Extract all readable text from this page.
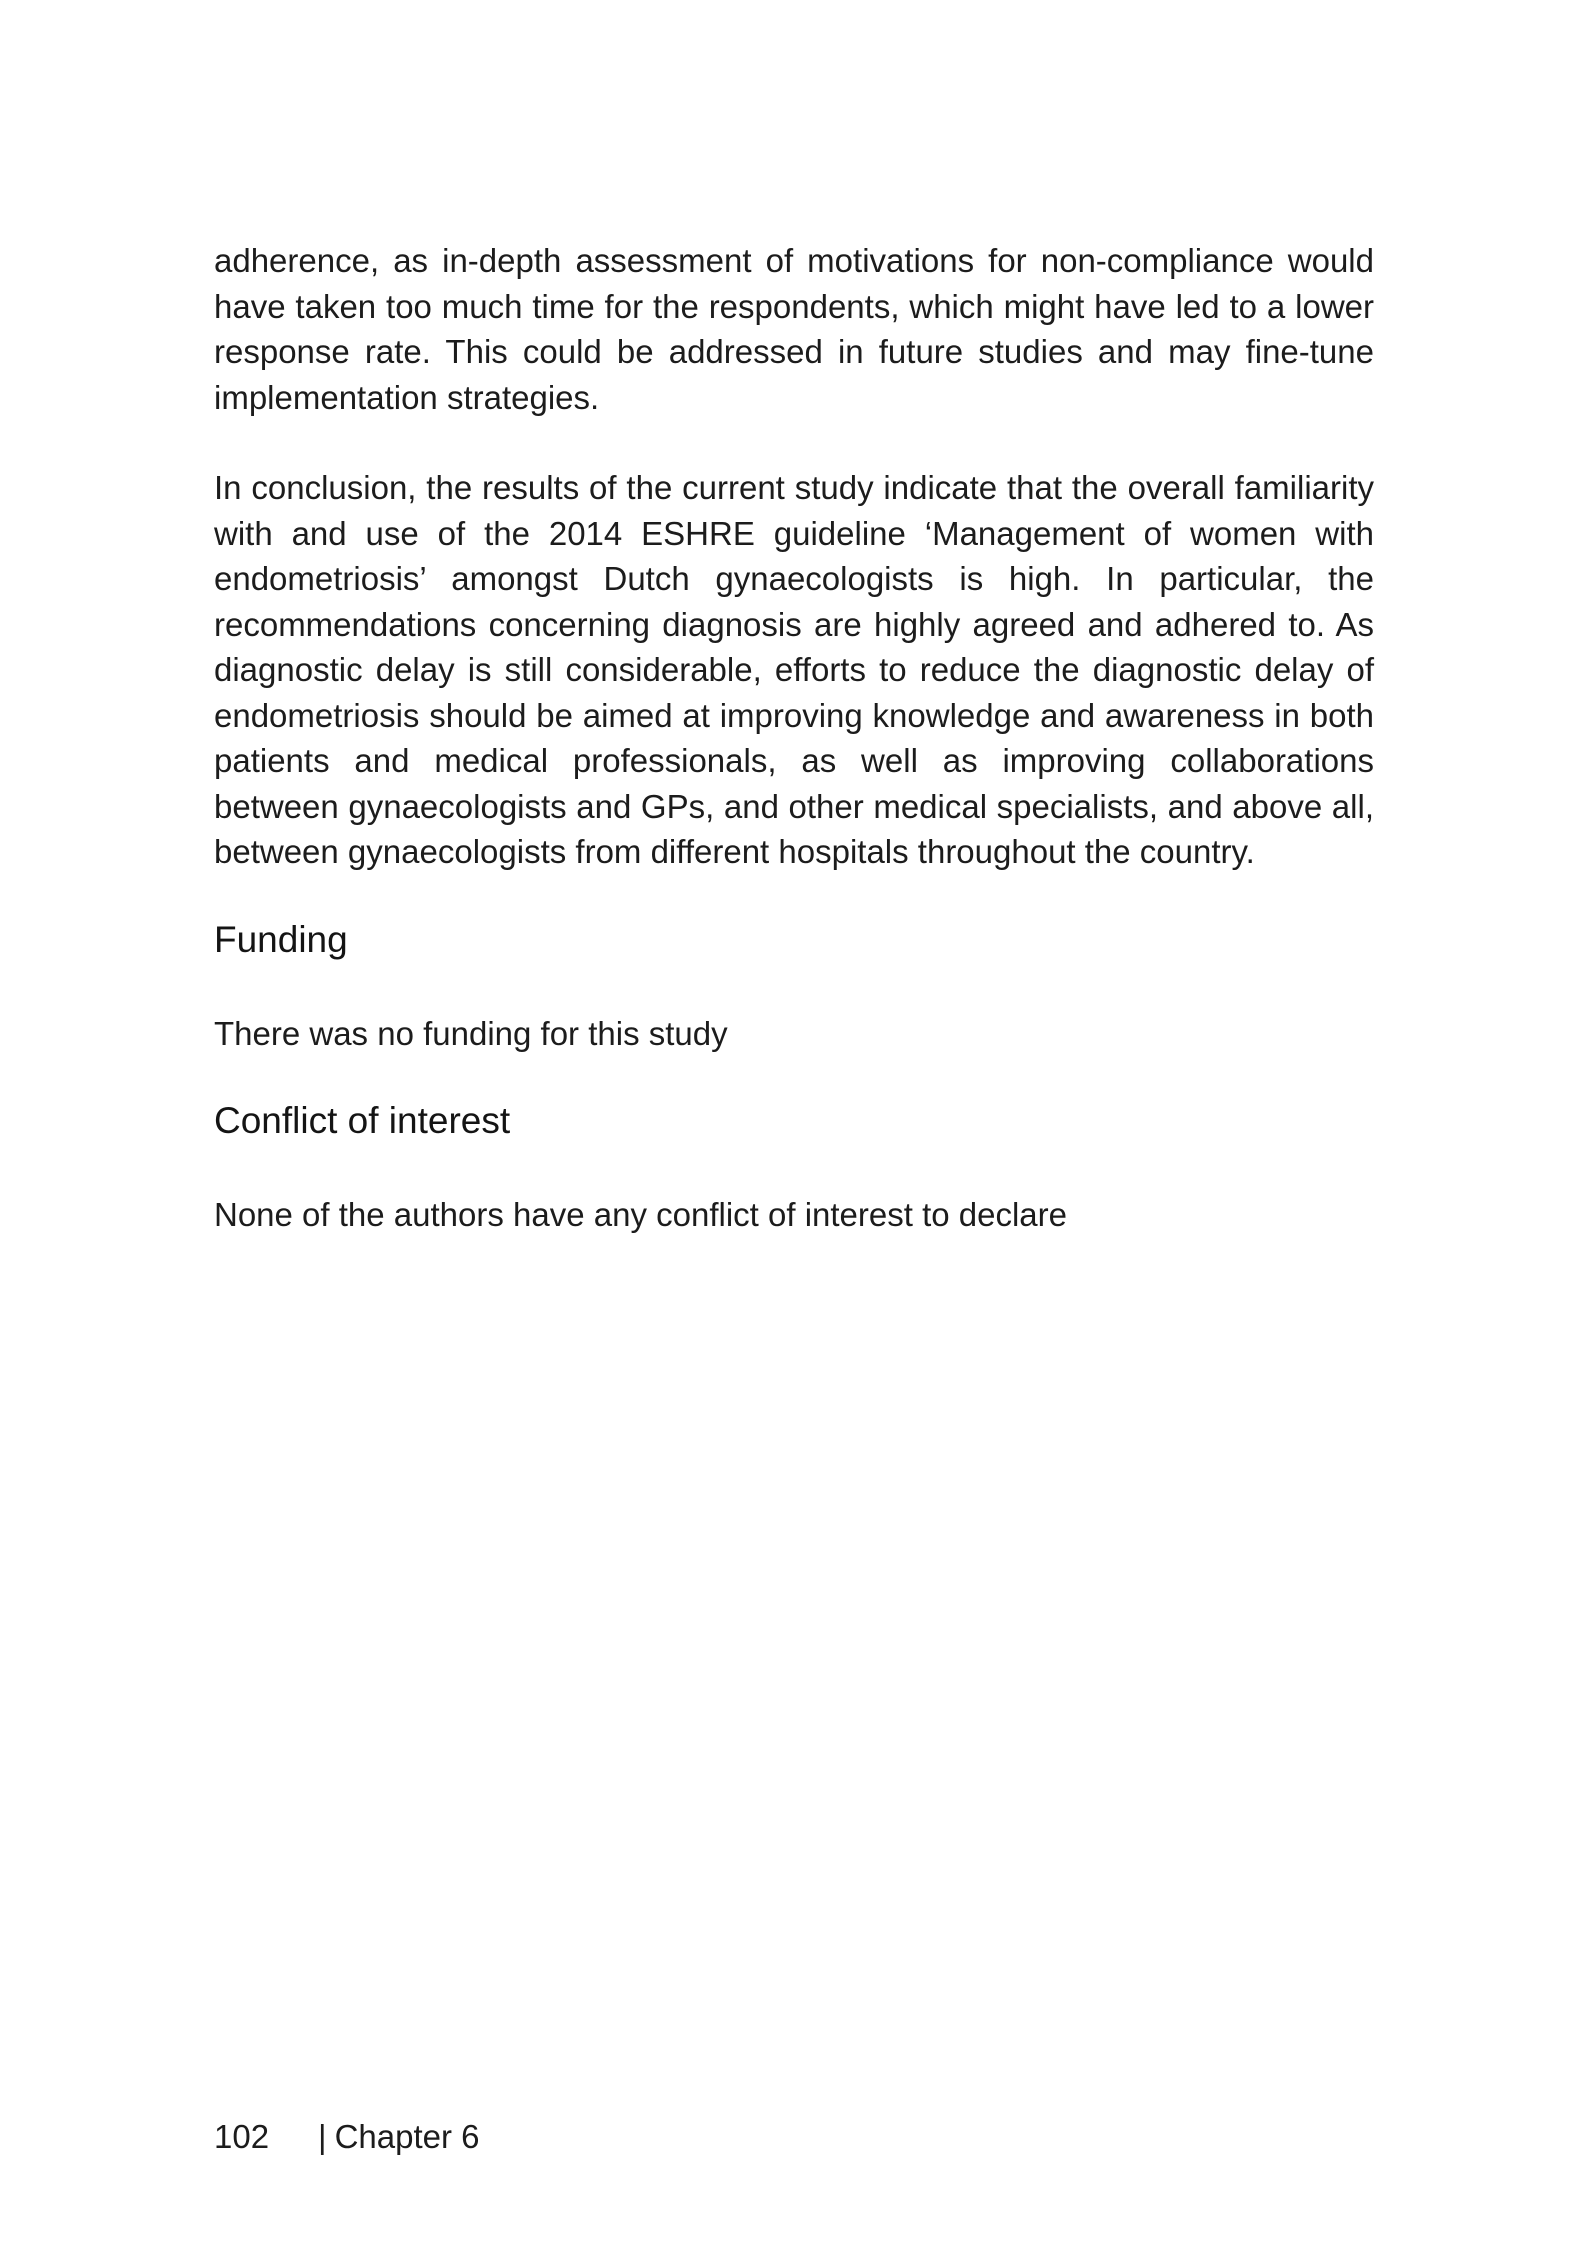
adherence, as in-depth assessment of motivations for non-compliance would have taken too much time for the respondents, which might have led to a lower response rate. This could be addressed in future studies and may fine-tune implementation strategies.

In conclusion, the results of the current study indicate that the overall familiarity with and use of the 2014 ESHRE guideline ‘Management of women with endometriosis’ amongst Dutch gynaecologists is high. In particular, the recommendations concerning diagnosis are highly agreed and adhered to. As diagnostic delay is still considerable, efforts to reduce the diagnostic delay of endometriosis should be aimed at improving knowledge and awareness in both patients and medical professionals, as well as improving collaborations between gynaecologists and GPs, and other medical specialists, and above all, between gynaecologists from different hospitals throughout the country.

Funding

There was no funding for this study

Conflict of interest

None of the authors have any conflict of interest to declare

102 | Chapter 6
